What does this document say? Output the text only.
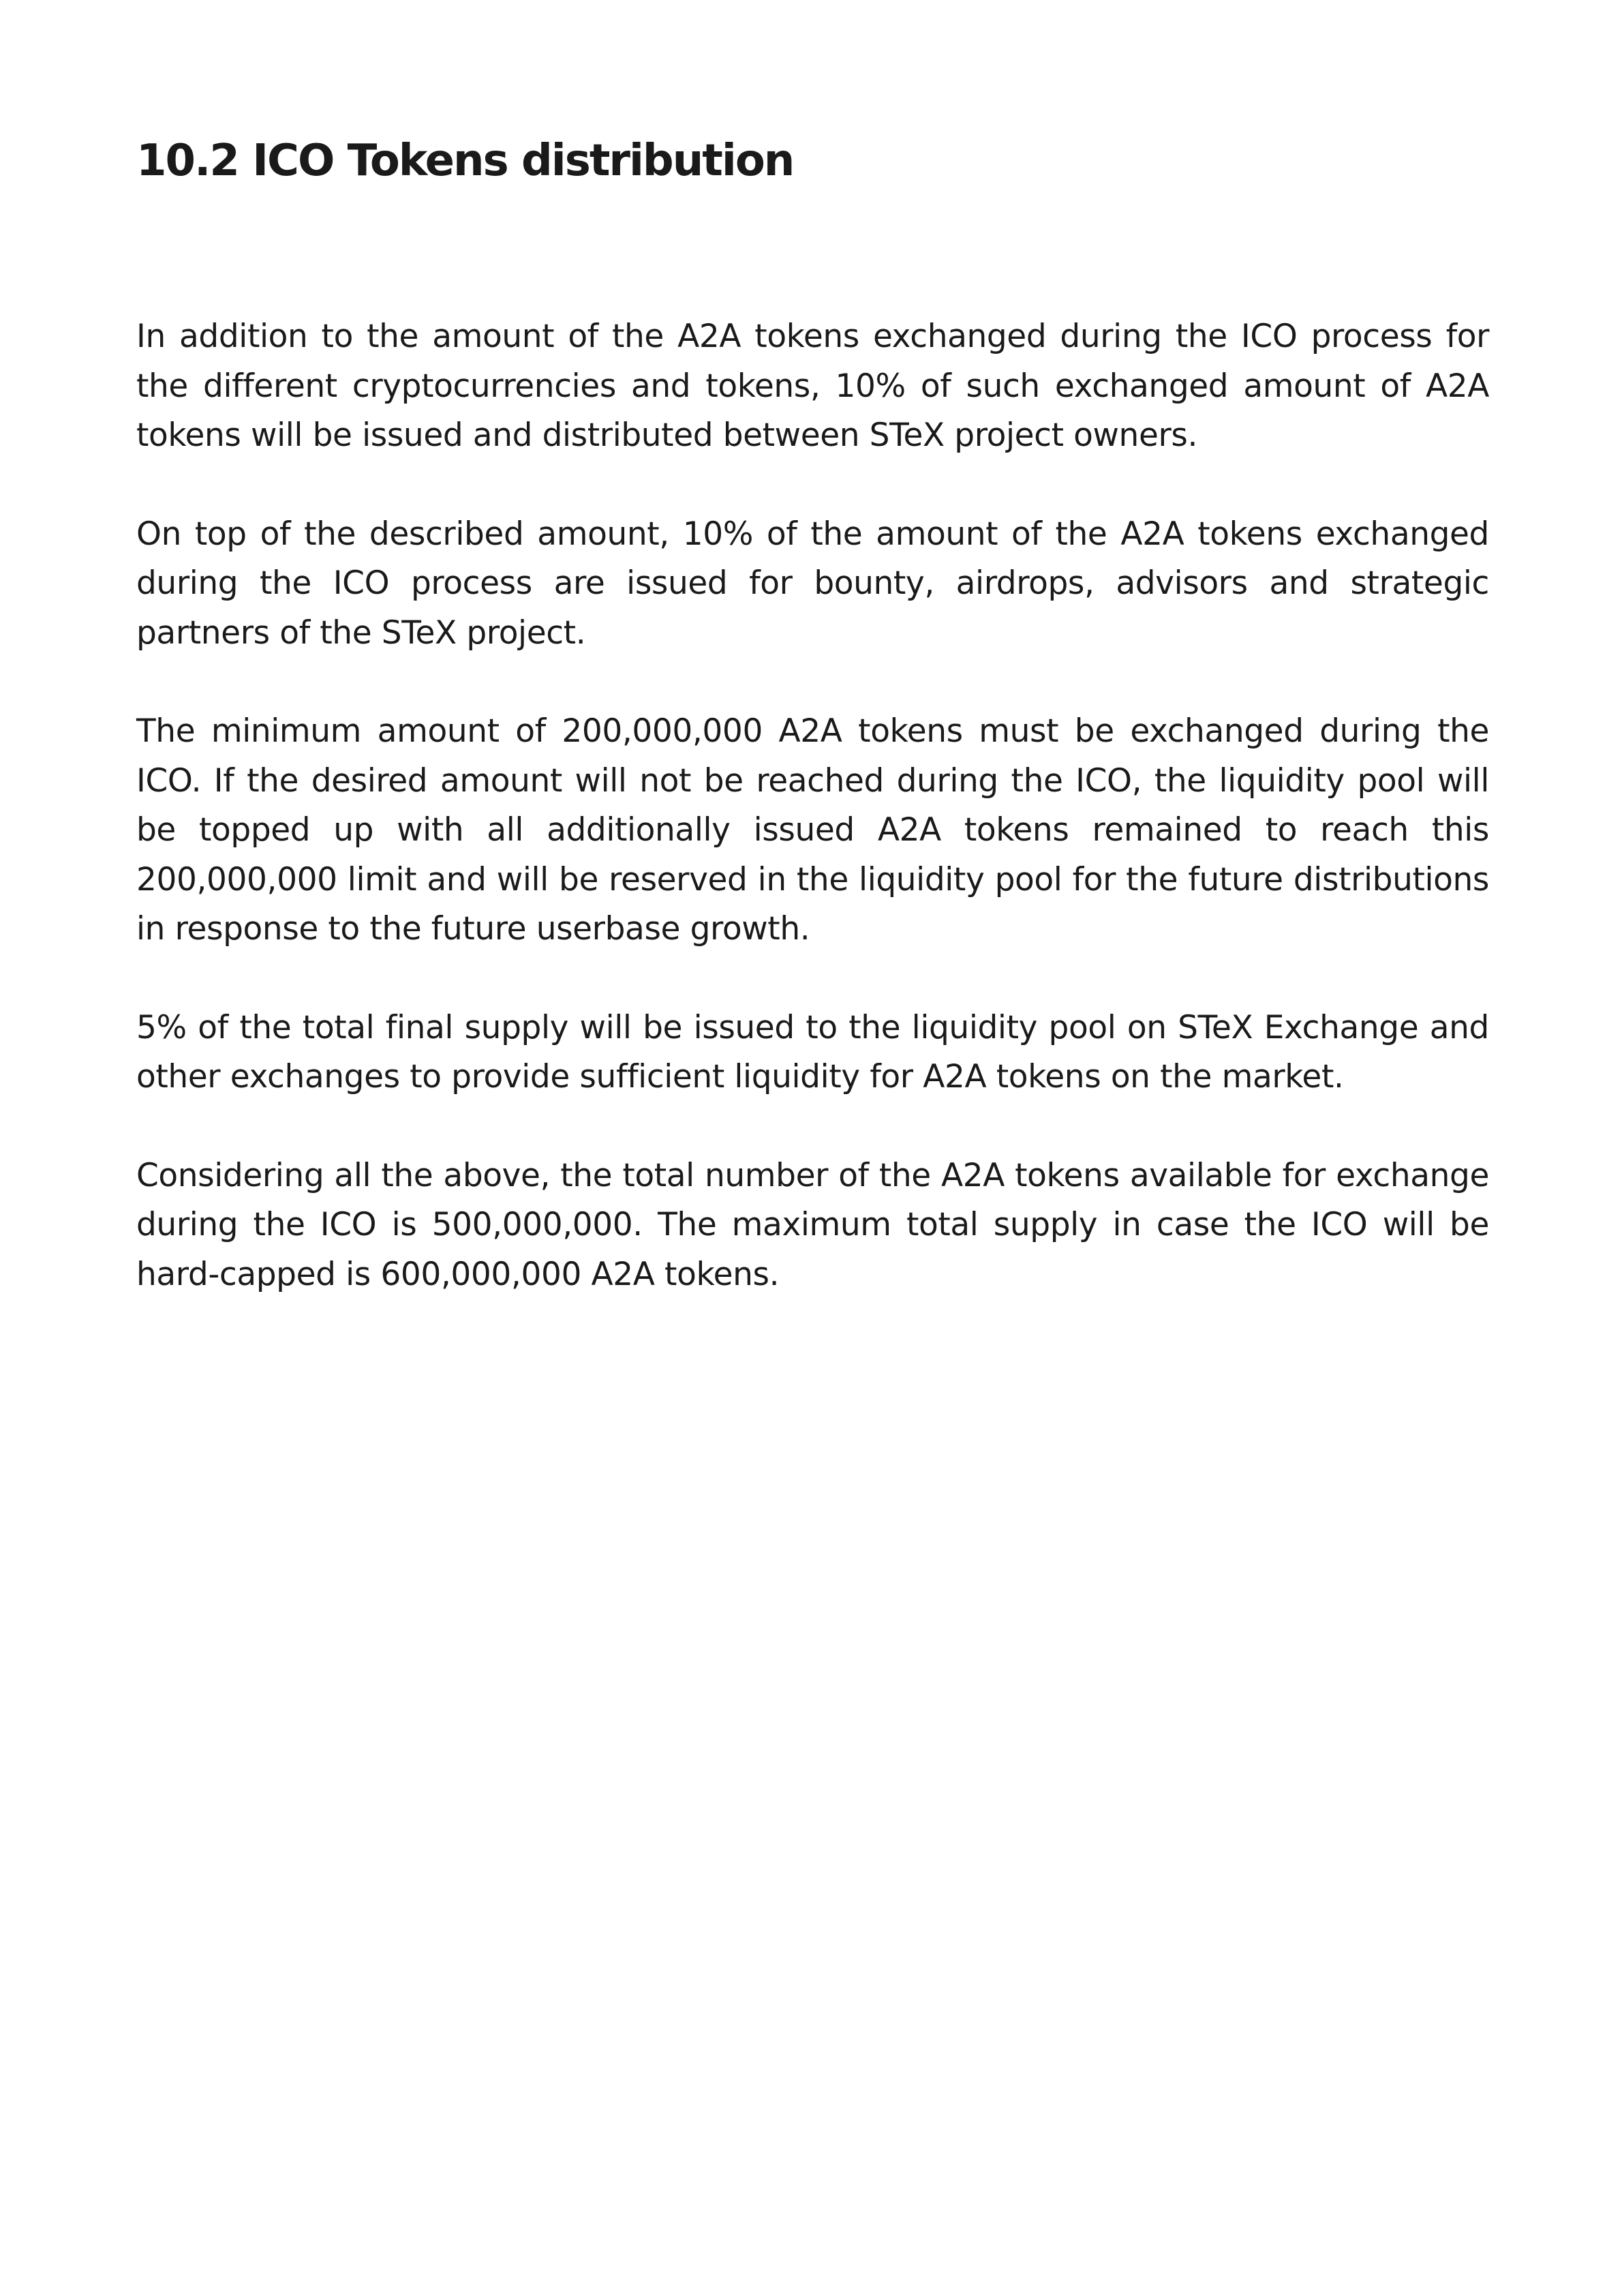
10.2 ICO Tokens distribution

In addition to the amount of the A2A tokens exchanged during the ICO process for the different cryptocurrencies and tokens, 10% of such exchanged amount of A2A tokens will be issued and distributed between STeX project owners.

On top of the described amount, 10% of the amount of the A2A tokens exchanged during the ICO process are issued for bounty, airdrops, advisors and strategic partners of the STeX project.

The minimum amount of 200,000,000 A2A tokens must be exchanged during the ICO. If the desired amount will not be reached during the ICO, the liquidity pool will be topped up with all additionally issued A2A tokens remained to reach this 200,000,000 limit and will be reserved in the liquidity pool for the future distributions in response to the future userbase growth.

5% of the total final supply will be issued to the liquidity pool on STeX Exchange and other exchanges to provide sufficient liquidity for A2A tokens on the market.

Considering all the above, the total number of the A2A tokens available for exchange during the ICO is 500,000,000. The maximum total supply in case the ICO will be hard-capped is 600,000,000 A2A tokens.
